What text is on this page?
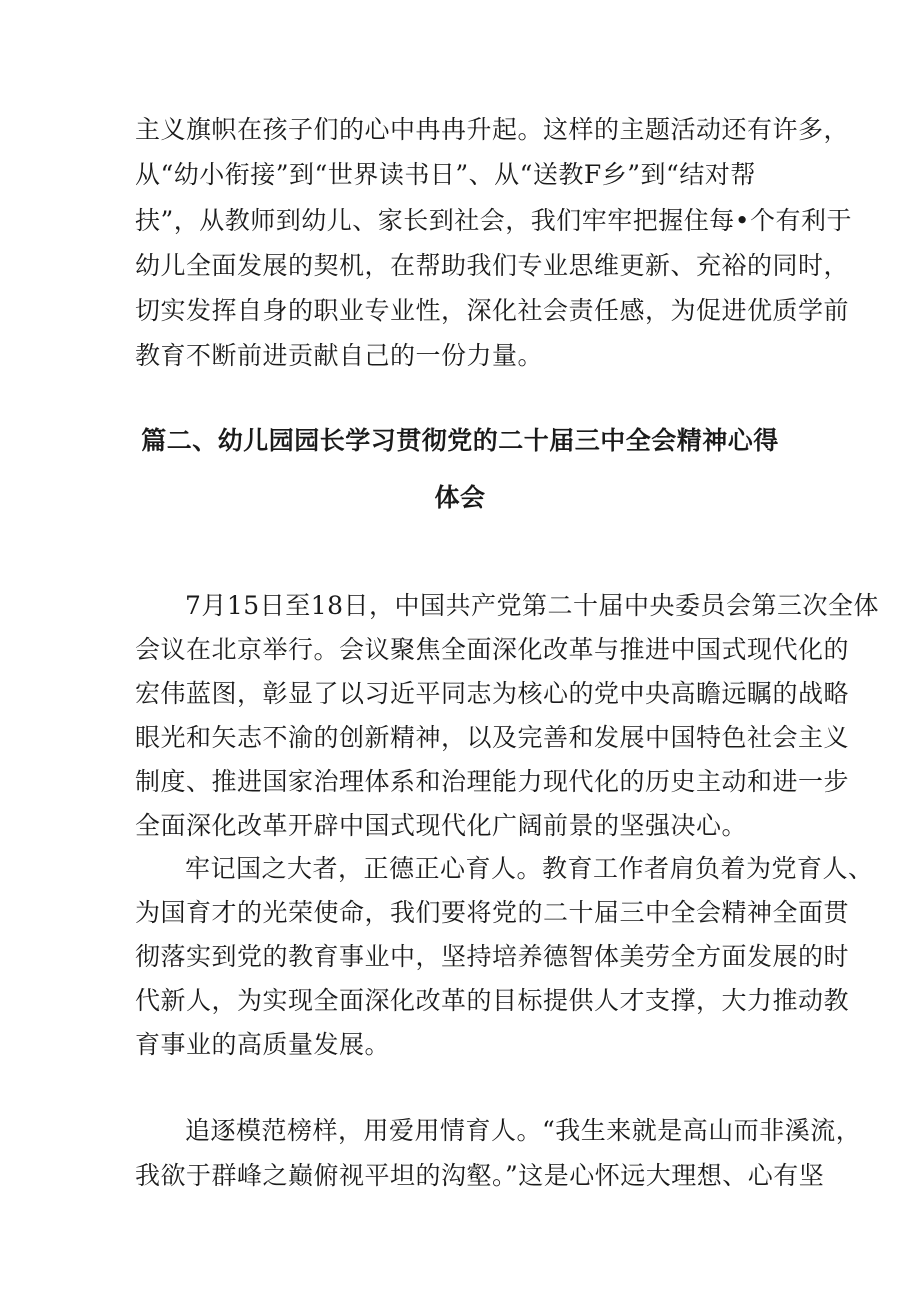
主义旗帜在孩子们的心中冉冉升起。这样的主题活动还有许多，
从“幼小衔接”到“世界读书日”、从“送教F乡”到“结对帮
扶”，从教师到幼儿、家长到社会，我们牢牢把握住每•个有利于
幼儿全面发展的契机，在帮助我们专业思维更新、充裕的同时，
切实发挥自身的职业专业性，深化社会责任感，为促进优质学前
教育不断前进贡献自己的一份力量。
篇二、幼儿园园长学习贯彻党的二十届三中全会精神心得
体会
7月15日至18日，中国共产党第二十届中央委员会第三次全体
会议在北京举行。会议聚焦全面深化改革与推进中国式现代化的
宏伟蓝图，彰显了以习近平同志为核心的党中央高瞻远瞩的战略
眼光和矢志不渝的创新精神，以及完善和发展中国特色社会主义
制度、推进国家治理体系和治理能力现代化的历史主动和进一步
全面深化改革开辟中国式现代化广阔前景的坚强决心。
牢记国之大者，正德正心育人。教育工作者肩负着为党育人、
为国育才的光荣使命，我们要将党的二十届三中全会精神全面贯
彻落实到党的教育事业中，坚持培养德智体美劳全方面发展的时
代新人，为实现全面深化改革的目标提供人才支撑，大力推动教
育事业的高质量发展。
追逐模范榜样，用爱用情育人。“我生来就是高山而非溪流，
我欲于群峰之巅俯视平坦的沟壑。”这是心怀远大理想、心有坚
